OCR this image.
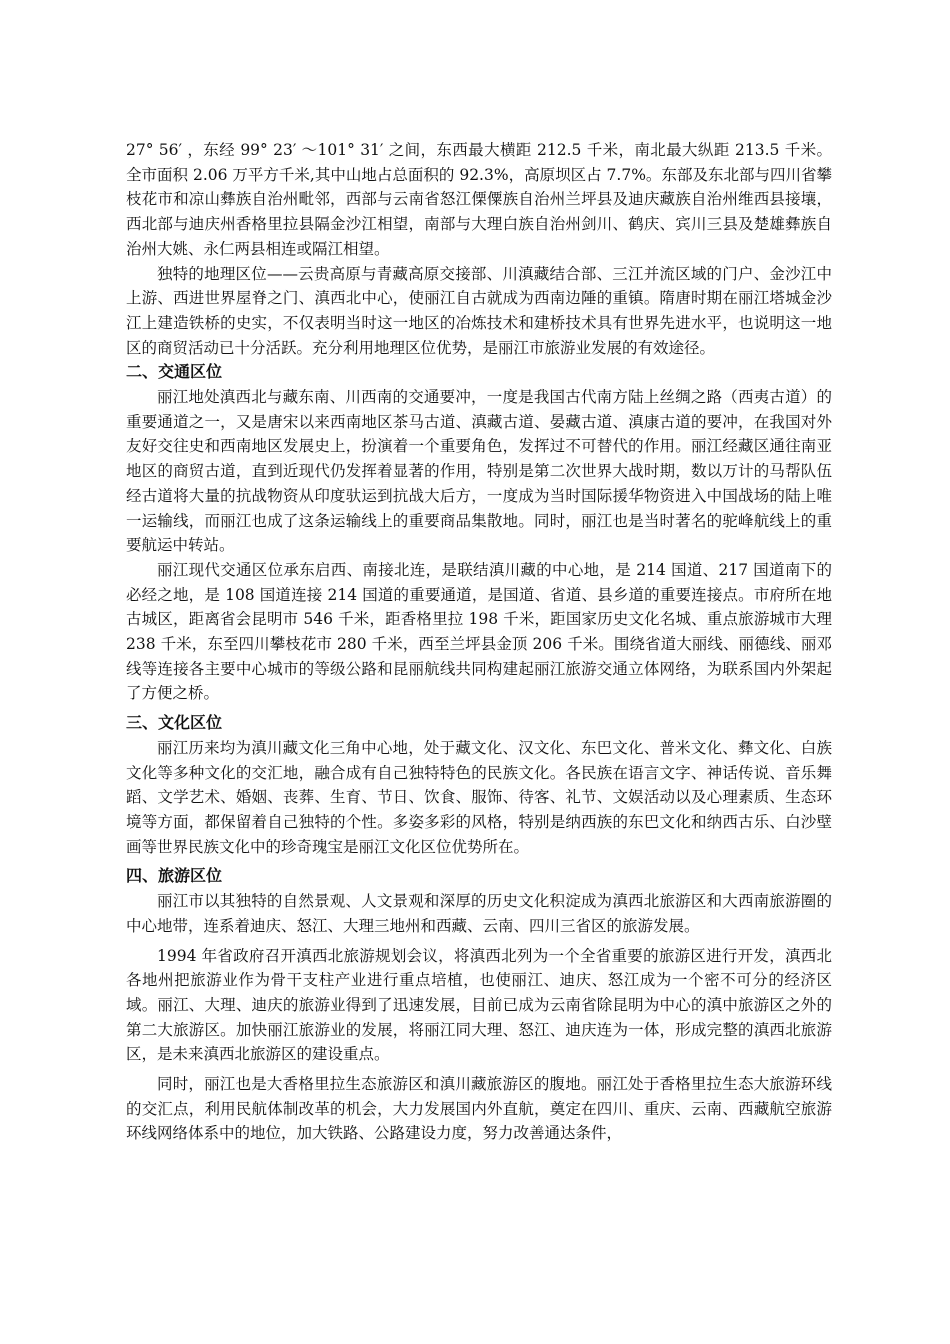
27° 56′ ，东经 99° 23′ ～101° 31′ 之间，东西最大横距 212.5 千米，南北最大纵距 213.5 千米。全市面积 2.06 万平方千米,其中山地占总面积的 92.3%，高原坝区占 7.7%。东部及东北部与四川省攀枝花市和凉山彝族自治州毗邻，西部与云南省怒江傈僳族自治州兰坪县及迪庆藏族自治州维西县接壤，西北部与迪庆州香格里拉县隔金沙江相望，南部与大理白族自治州剑川、鹤庆、宾川三县及楚雄彝族自治州大姚、永仁两县相连或隔江相望。

独特的地理区位——云贵高原与青藏高原交接部、川滇藏结合部、三江并流区域的门户、金沙江中上游、西进世界屋脊之门、滇西北中心，使丽江自古就成为西南边陲的重镇。隋唐时期在丽江塔城金沙江上建造铁桥的史实，不仅表明当时这一地区的冶炼技术和建桥技术具有世界先进水平，也说明这一地区的商贸活动已十分活跃。充分利用地理区位优势，是丽江市旅游业发展的有效途径。

二、交通区位

丽江地处滇西北与藏东南、川西南的交通要冲，一度是我国古代南方陆上丝绸之路（西夷古道）的重要通道之一，又是唐宋以来西南地区茶马古道、滇藏古道、晏藏古道、滇康古道的要冲，在我国对外友好交往史和西南地区发展史上，扮演着一个重要角色，发挥过不可替代的作用。丽江经藏区通往南亚地区的商贸古道，直到近现代仍发挥着显著的作用，特别是第二次世界大战时期，数以万计的马帮队伍经古道将大量的抗战物资从印度驮运到抗战大后方，一度成为当时国际援华物资进入中国战场的陆上唯一运输线，而丽江也成了这条运输线上的重要商品集散地。同时，丽江也是当时著名的驼峰航线上的重要航运中转站。

丽江现代交通区位承东启西、南接北连，是联结滇川藏的中心地，是 214 国道、217 国道南下的必经之地，是 108 国道连接 214 国道的重要通道，是国道、省道、县乡道的重要连接点。市府所在地古城区，距离省会昆明市 546 千米，距香格里拉 198 千米，距国家历史文化名城、重点旅游城市大理 238 千米，东至四川攀枝花市 280 千米，西至兰坪县金顶 206 千米。围绕省道大丽线、丽德线、丽邓线等连接各主要中心城市的等级公路和昆丽航线共同构建起丽江旅游交通立体网络，为联系国内外架起了方便之桥。

三、文化区位

丽江历来均为滇川藏文化三角中心地，处于藏文化、汉文化、东巴文化、普米文化、彝文化、白族文化等多种文化的交汇地，融合成有自己独特特色的民族文化。各民族在语言文字、神话传说、音乐舞蹈、文学艺术、婚姻、丧葬、生育、节日、饮食、服饰、待客、礼节、文娱活动以及心理素质、生态环境等方面，都保留着自己独特的个性。多姿多彩的风格，特别是纳西族的东巴文化和纳西古乐、白沙壁画等世界民族文化中的珍奇瑰宝是丽江文化区位优势所在。

四、旅游区位

丽江市以其独特的自然景观、人文景观和深厚的历史文化积淀成为滇西北旅游区和大西南旅游圈的中心地带，连系着迪庆、怒江、大理三地州和西藏、云南、四川三省区的旅游发展。

1994 年省政府召开滇西北旅游规划会议，将滇西北列为一个全省重要的旅游区进行开发，滇西北各地州把旅游业作为骨干支柱产业进行重点培植，也使丽江、迪庆、怒江成为一个密不可分的经济区域。丽江、大理、迪庆的旅游业得到了迅速发展，目前已成为云南省除昆明为中心的滇中旅游区之外的第二大旅游区。加快丽江旅游业的发展，将丽江同大理、怒江、迪庆连为一体，形成完整的滇西北旅游区，是未来滇西北旅游区的建设重点。

同时，丽江也是大香格里拉生态旅游区和滇川藏旅游区的腹地。丽江处于香格里拉生态大旅游环线的交汇点，利用民航体制改革的机会，大力发展国内外直航，奠定在四川、重庆、云南、西藏航空旅游环线网络体系中的地位，加大铁路、公路建设力度，努力改善通达条件，
